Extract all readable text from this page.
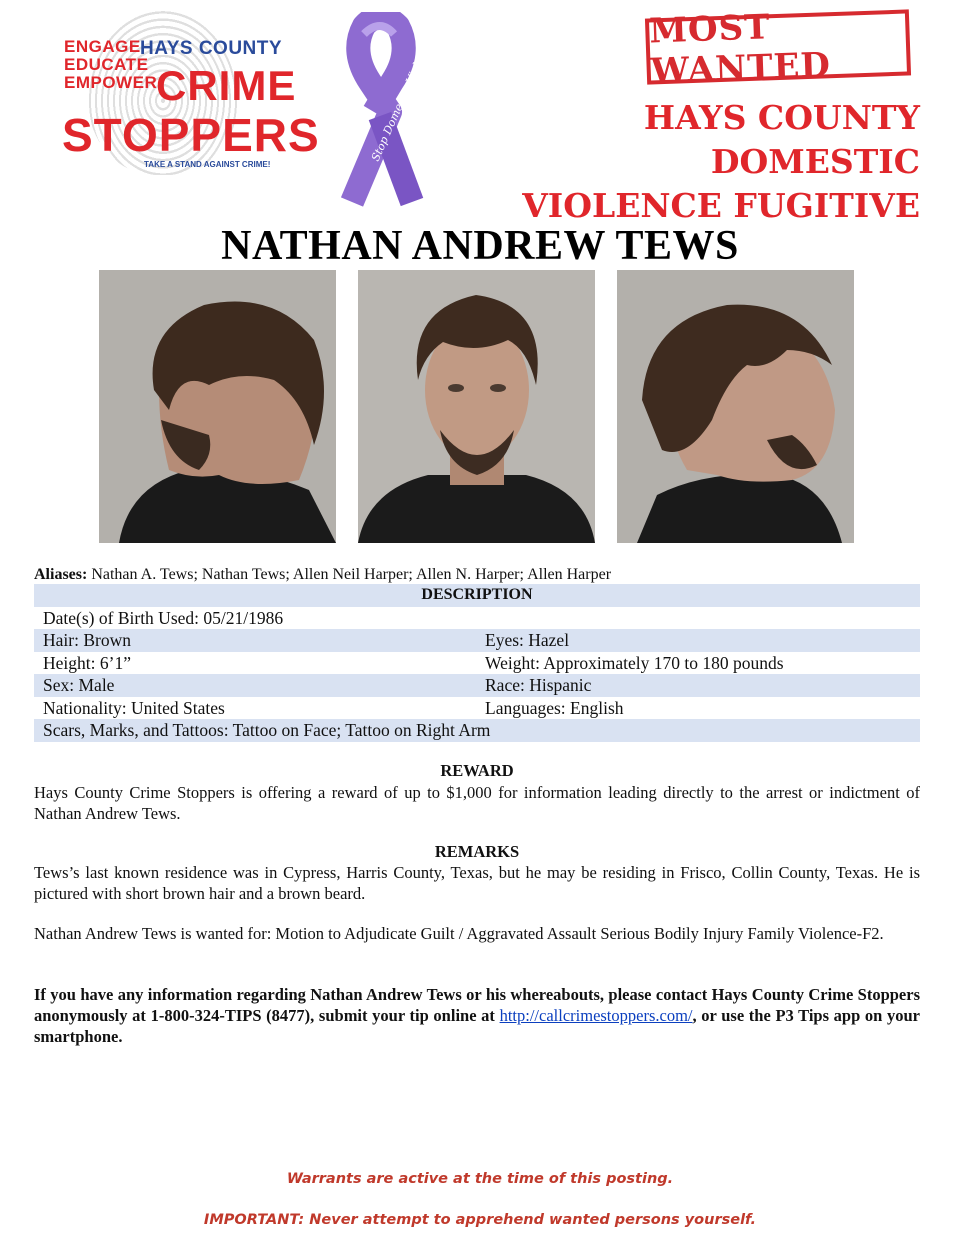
ENGAGE
EDUCATE
EMPOWER
HAYS COUNTY
CRIME
STOPPERS
TAKE A STAND AGAINST CRIME!
Stop Domestic Violence
MOST WANTED
HAYS COUNTY DOMESTIC
VIOLENCE FUGITIVE
NATHAN ANDREW TEWS
Aliases: Nathan A. Tews; Nathan Tews; Allen Neil Harper; Allen N. Harper; Allen Harper
DESCRIPTION
Date(s) of Birth Used: 05/21/1986
Hair: Brown	Eyes: Hazel
Height: 6’1”	Weight: Approximately 170 to 180 pounds
Sex: Male	Race: Hispanic
Nationality: United States	Languages: English
Scars, Marks, and Tattoos: Tattoo on Face; Tattoo on Right Arm
REWARD
Hays County Crime Stoppers is offering a reward of up to $1,000 for information leading directly to the arrest or indictment of Nathan Andrew Tews.
REMARKS
Tews’s last known residence was in Cypress, Harris County, Texas, but he may be residing in Frisco, Collin County, Texas. He is pictured with short brown hair and a brown beard.
Nathan Andrew Tews is wanted for: Motion to Adjudicate Guilt / Aggravated Assault Serious Bodily Injury Family Violence-F2.
If you have any information regarding Nathan Andrew Tews or his whereabouts, please contact Hays County Crime Stoppers anonymously at 1-800-324-TIPS (8477), submit your tip online at http://callcrimestoppers.com/, or use the P3 Tips app on your smartphone.
Warrants are active at the time of this posting.
IMPORTANT: Never attempt to apprehend wanted persons yourself.
